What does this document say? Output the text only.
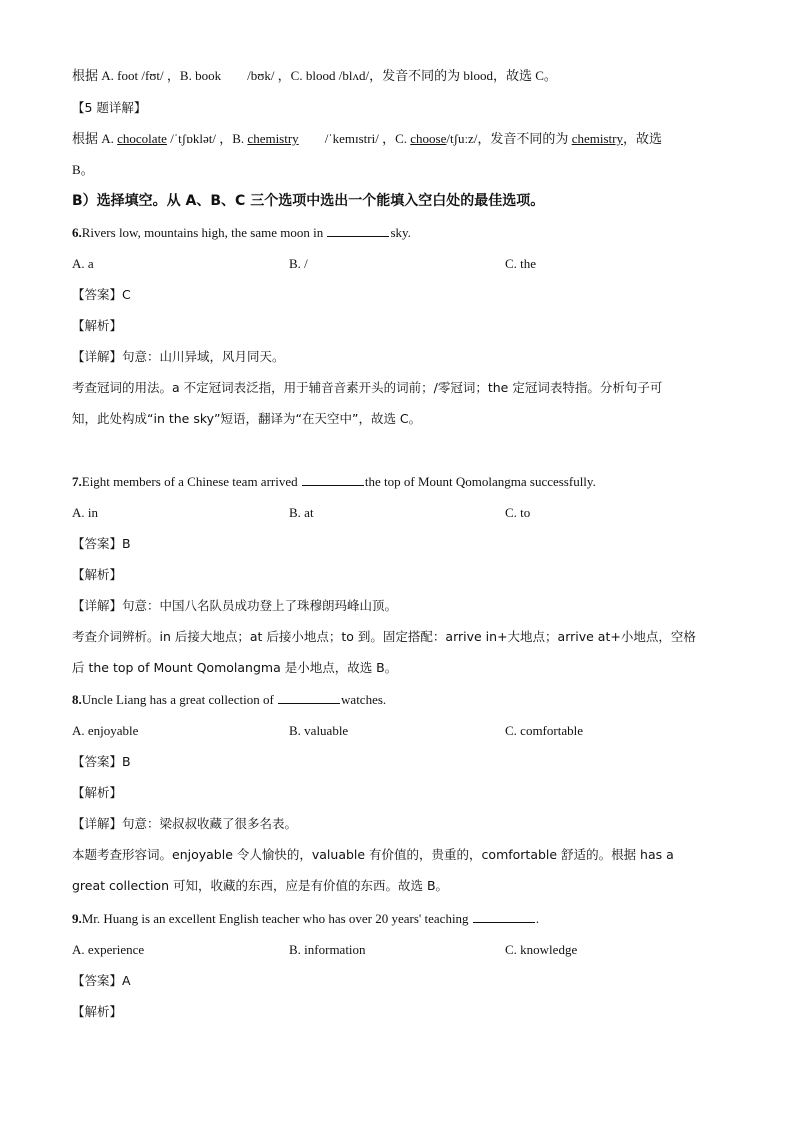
根据 A. foot /fʊt/ ，B. book /bʊk/ ，C. blood /blʌd/，发音不同的为 blood，故选 C。
【5 题详解】
根据 A. chocolate /ˈtʃɒklət/ ，B. chemistry /ˈkemɪstri/ ，C. choose/tʃuːz/，发音不同的为 chemistry，故选
B。
B）选择填空。从 A、B、C 三个选项中选出一个能填入空白处的最佳选项。
6.Rivers low, mountains high, the same moon in	sky.
A. a	B. /	C. the
【答案】C
【解析】
【详解】句意：山川异域，风月同天。
考查冠词的用法。a 不定冠词表泛指，用于辅音音素开头的词前；/零冠词；the 定冠词表特指。分析句子可
知，此处构成“in the sky”短语，翻译为“在天空中”，故选 C。
7.Eight members of a Chinese team arrived	the top of Mount Qomolangma successfully.
A. in	B. at	C. to
【答案】B
【解析】
【详解】句意：中国八名队员成功登上了珠穆朗玛峰山顶。
考查介词辨析。in 后接大地点；at 后接小地点；to 到。固定搭配：arrive in+大地点；arrive at+小地点，空格
后 the top of Mount Qomolangma 是小地点，故选 B。
8.Uncle Liang has a great collection of	watches.
A. enjoyable	B. valuable	C. comfortable
【答案】B
【解析】
【详解】句意：梁叔叔收藏了很多名表。
本题考查形容词。enjoyable 令人愉快的，valuable 有价值的，贵重的，comfortable 舒适的。根据 has a
great collection 可知，收藏的东西，应是有价值的东西。故选 B。
9.Mr. Huang is an excellent English teacher who has over 20 years' teaching	.
A. experience	B. information	C. knowledge
【答案】A
【解析】
